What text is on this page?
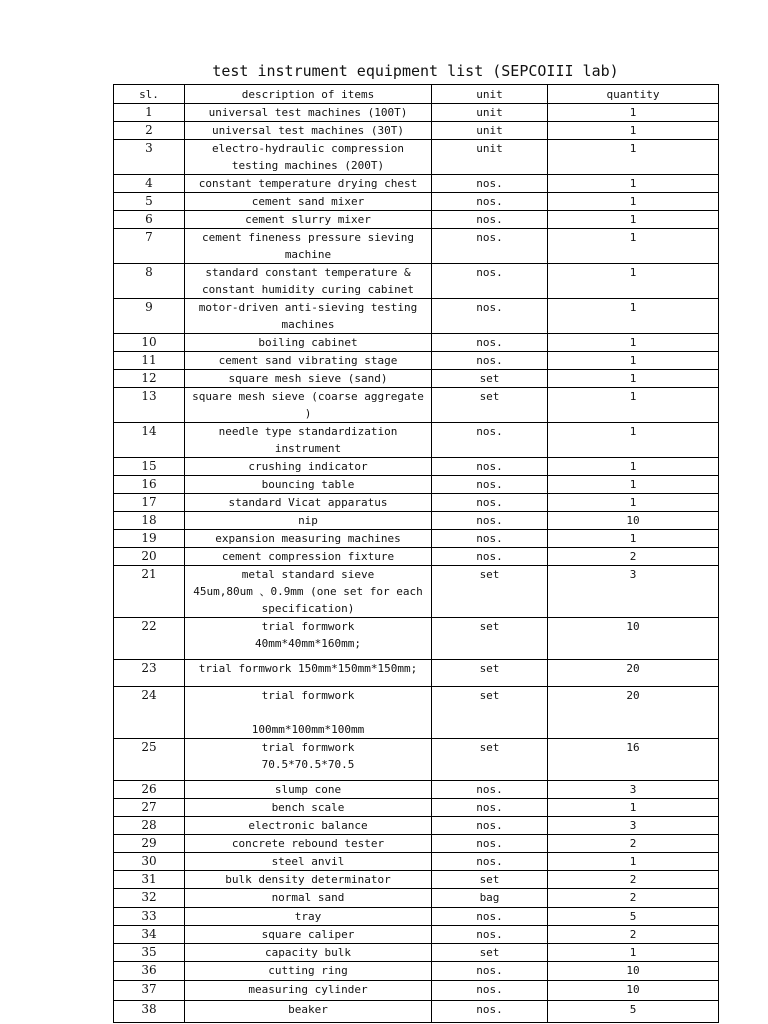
test instrument equipment list (SEPCOIII lab)
sl.	description of items	unit	quantity
1	universal test machines (100T)	unit	1
2	universal test machines (30T)	unit	1
3	electro-hydraulic compression
testing machines (200T)	unit	1
4	constant temperature drying chest	nos.	1
5	cement sand mixer	nos.	1
6	cement slurry mixer	nos.	1
7	cement fineness pressure sieving
machine	nos.	1
8	standard constant temperature &
constant humidity curing cabinet	nos.	1
9	motor-driven anti-sieving testing
machines	nos.	1
10	boiling cabinet	nos.	1
11	cement sand vibrating stage	nos.	1
12	square mesh sieve (sand)	set	1
13	square mesh sieve (coarse aggregate
)	set	1
14	needle type standardization
instrument	nos.	1
15	crushing indicator	nos.	1
16	bouncing table	nos.	1
17	standard Vicat apparatus	nos.	1
18	nip	nos.	10
19	expansion measuring machines	nos.	1
20	cement compression fixture	nos.	2
21	metal standard sieve
45um,80um 、0.9mm (one set for each
specification)	set	3
22	trial formwork
40mm*40mm*160mm;	set	10
23	trial formwork 150mm*150mm*150mm;	set	20
24	trial formwork

100mm*100mm*100mm	set	20
25	trial formwork
70.5*70.5*70.5	set	16
26	slump cone	nos.	3
27	bench scale	nos.	1
28	electronic balance	nos.	3
29	concrete rebound tester	nos.	2
30	steel anvil	nos.	1
31	bulk density determinator	set	2
32	normal sand	bag	2
33	tray	nos.	5
34	square caliper	nos.	2
35	capacity bulk	set	1
36	cutting ring	nos.	10
37	measuring cylinder	nos.	10
38	beaker	nos.	5
